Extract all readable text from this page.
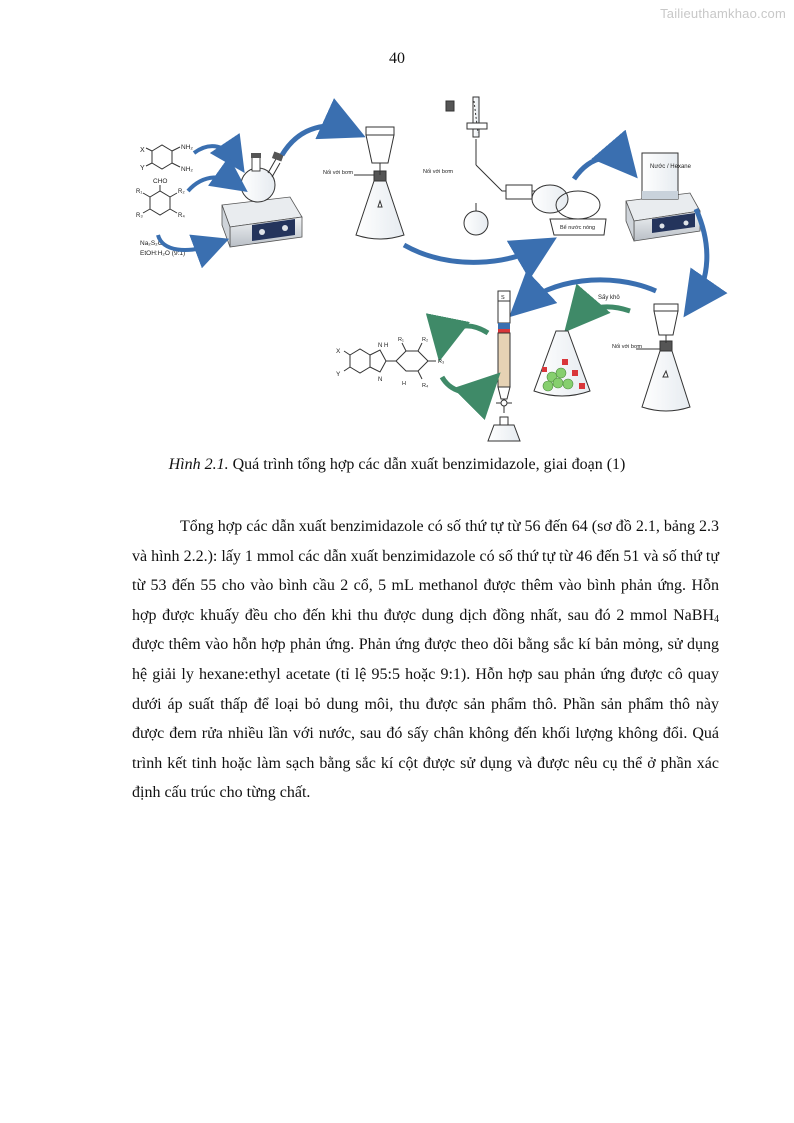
Tailieuthamkhao.com
40
X
Y
NH₂
NH₂
CHO
R₁	R₂
R₃	R₄
Na₂S₂O₅
EtOH:H₂O (9:1)
Nối với bơm	Nối với bơm
Bể nước nóng
Nước / Hexane
Nối với bơm
Sấy khô
S
X
Y
N H
N
R₁	R₂
R₃
R₄
H
Hình 2.1. Quá trình tổng hợp các dẫn xuất benzimidazole, giai đoạn (1)

Tổng hợp các dẫn xuất benzimidazole có số thứ tự từ 56 đến 64 (sơ đồ 2.1, bảng 2.3 và hình 2.2.): lấy 1 mmol các dẫn xuất benzimidazole có số thứ tự từ 46 đến 51 và số thứ tự từ 53 đến 55 cho vào bình cầu 2 cổ, 5 mL methanol được thêm vào bình phản ứng. Hỗn hợp được khuấy đều cho đến khi thu được dung dịch đồng nhất, sau đó 2 mmol NaBH$_4$ được thêm vào hỗn hợp phản ứng. Phản ứng được theo dõi bằng sắc kí bản mỏng, sử dụng hệ giải ly hexane:ethyl acetate (tỉ lệ 95:5 hoặc 9:1). Hỗn hợp sau phản ứng được cô quay dưới áp suất thấp để loại bỏ dung môi, thu được sản phẩm thô. Phần sản phẩm thô này được đem rửa nhiều lần với nước, sau đó sấy chân không đến khối lượng không đổi. Quá trình kết tinh hoặc làm sạch bằng sắc kí cột được sử dụng và được nêu cụ thể ở phần xác định cấu trúc cho từng chất.
